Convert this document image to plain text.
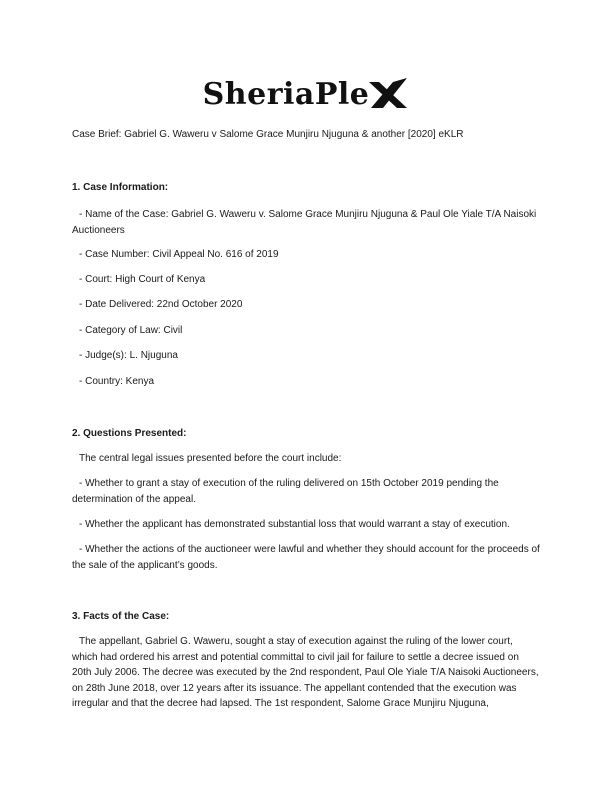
SheriaPle
Case Brief: Gabriel G. Waweru v Salome Grace Munjiru Njuguna & another [2020] eKLR
1. Case Information:
- Name of the Case: Gabriel G. Waweru v. Salome Grace Munjiru Njuguna & Paul Ole Yiale T/A Naisoki Auctioneers
- Case Number: Civil Appeal No. 616 of 2019
- Court: High Court of Kenya
- Date Delivered: 22nd October 2020
- Category of Law: Civil
- Judge(s): L. Njuguna
- Country: Kenya
2. Questions Presented:
The central legal issues presented before the court include:
- Whether to grant a stay of execution of the ruling delivered on 15th October 2019 pending the determination of the appeal.
- Whether the applicant has demonstrated substantial loss that would warrant a stay of execution.
- Whether the actions of the auctioneer were lawful and whether they should account for the proceeds of the sale of the applicant’s goods.
3. Facts of the Case:
The appellant, Gabriel G. Waweru, sought a stay of execution against the ruling of the lower court, which had ordered his arrest and potential committal to civil jail for failure to settle a decree issued on 20th July 2006. The decree was executed by the 2nd respondent, Paul Ole Yiale T/A Naisoki Auctioneers, on 28th June 2018, over 12 years after its issuance. The appellant contended that the execution was irregular and that the decree had lapsed. The 1st respondent, Salome Grace Munjiru Njuguna,
